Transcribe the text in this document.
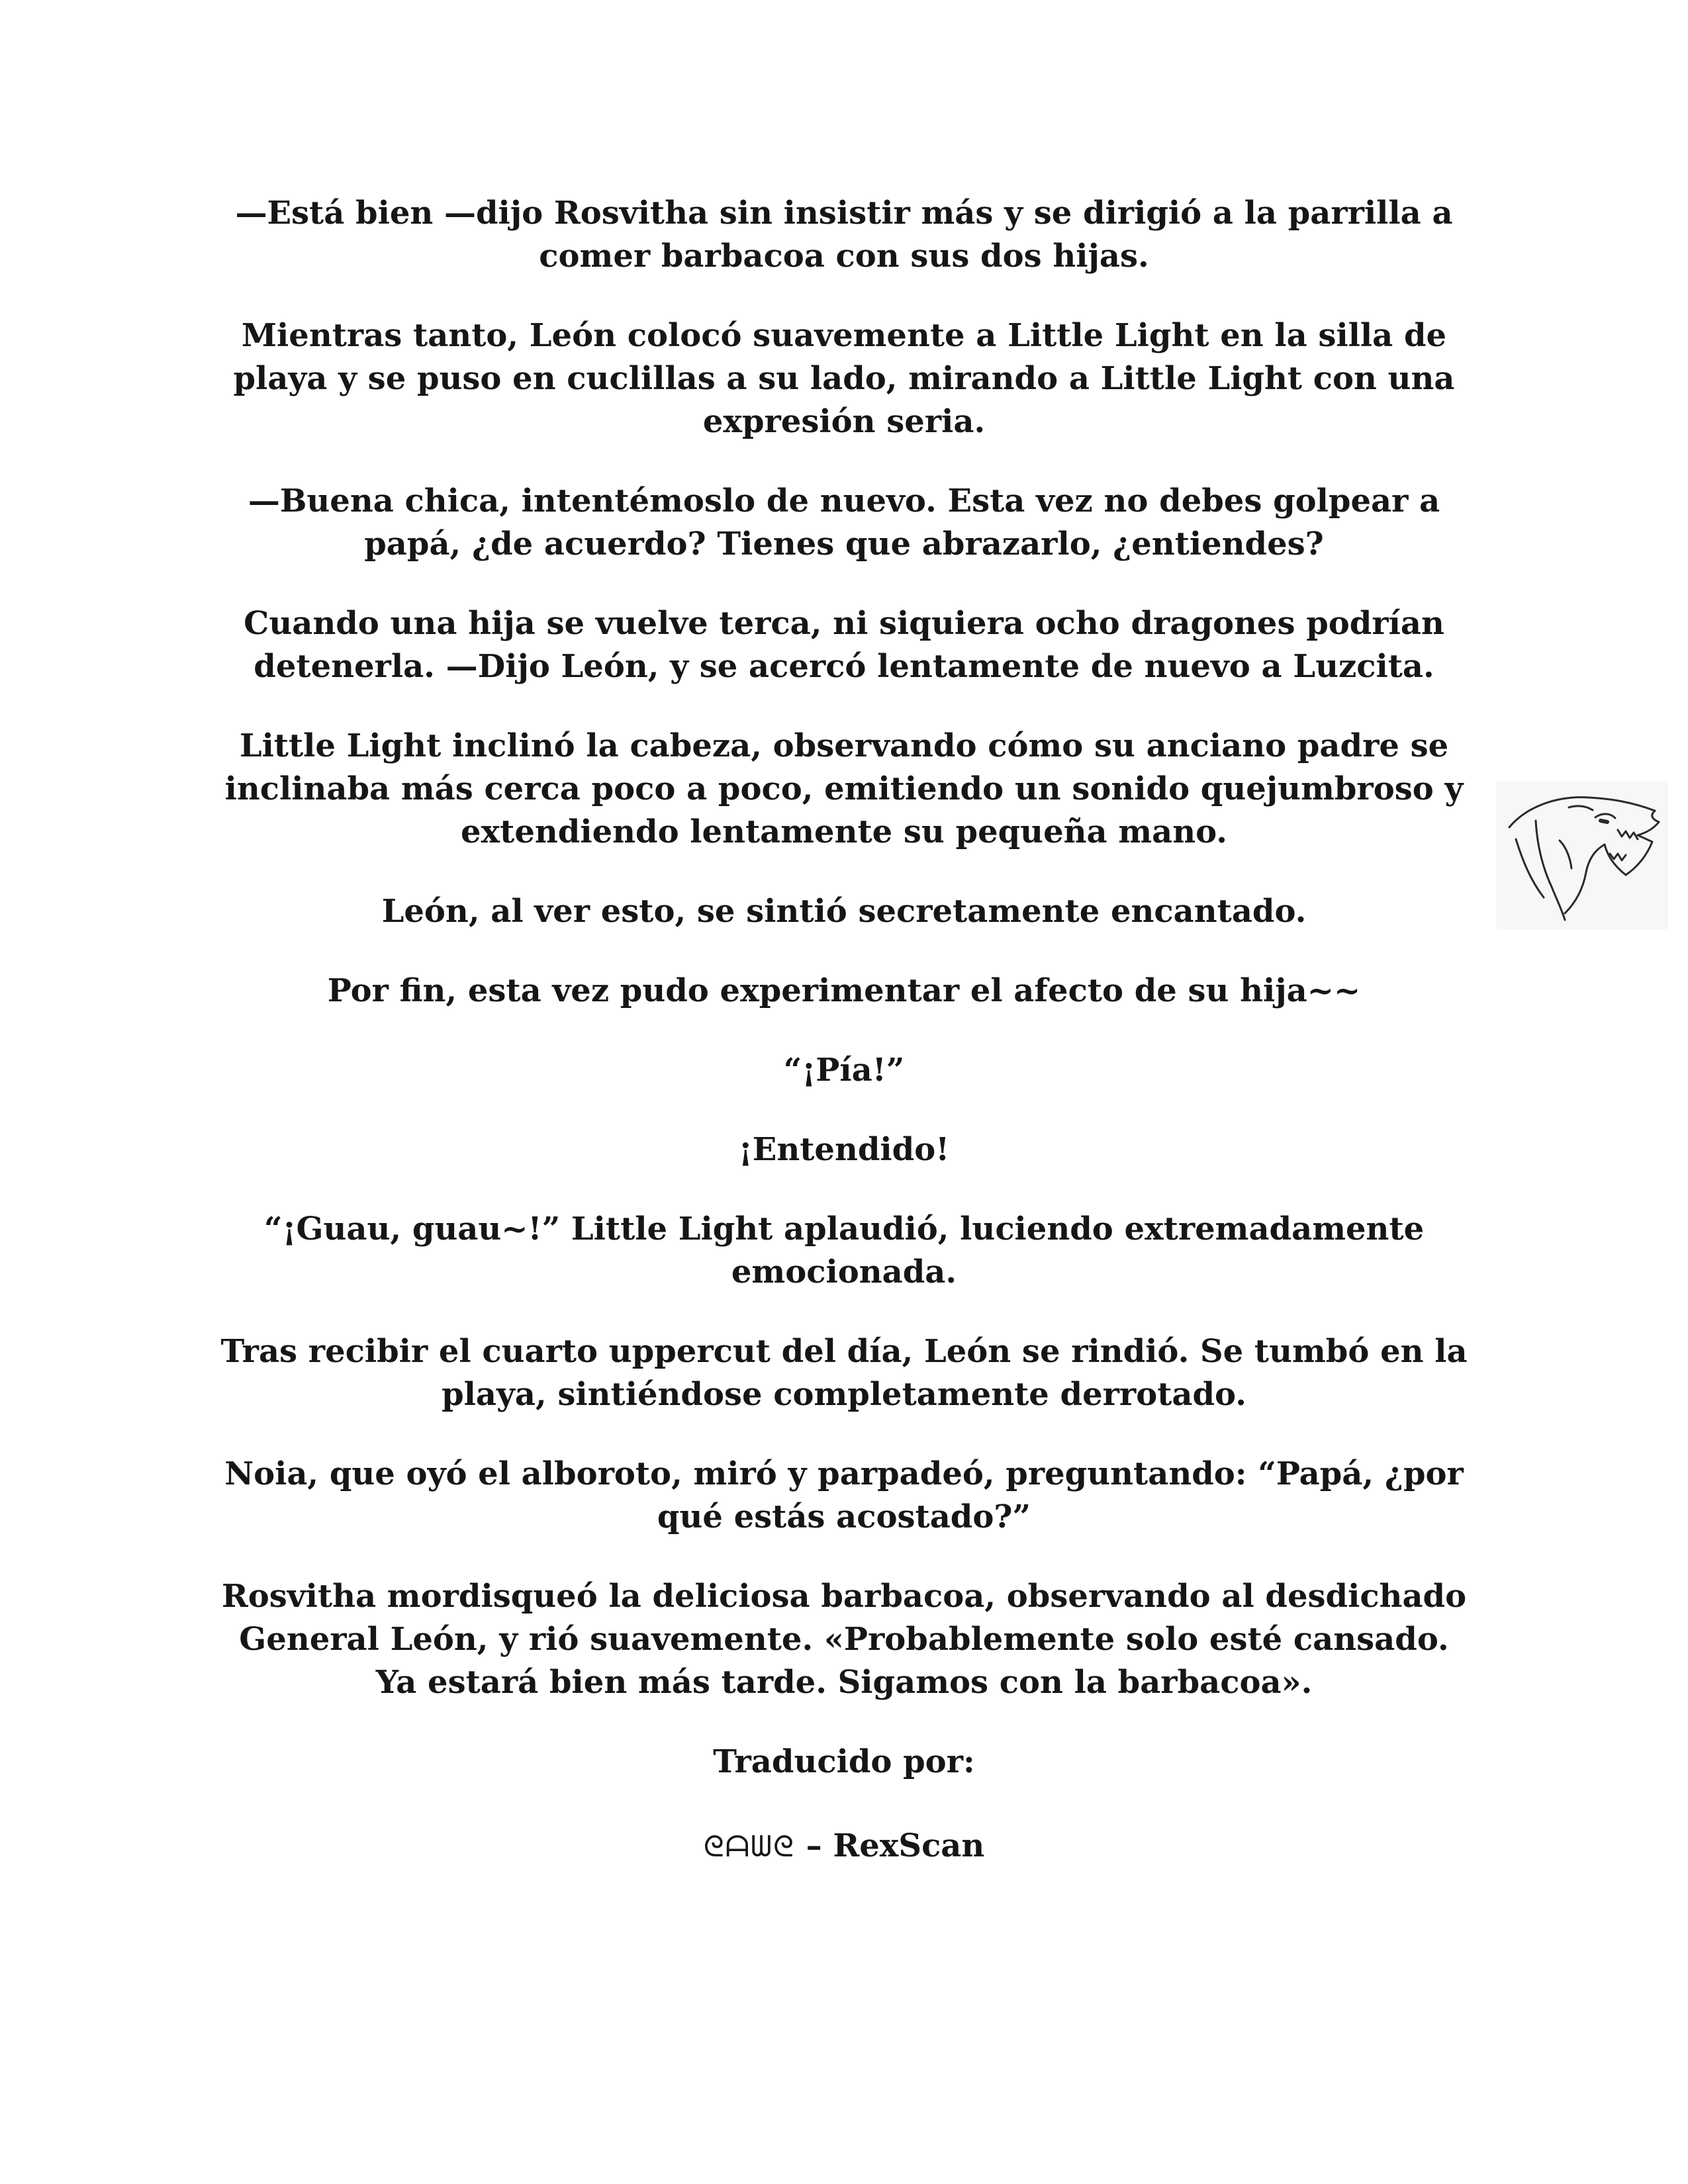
—Está bien —dijo Rosvitha sin insistir más y se dirigió a la parrilla a comer barbacoa con sus dos hijas.

Mientras tanto, León colocó suavemente a Little Light en la silla de playa y se puso en cuclillas a su lado, mirando a Little Light con una expresión seria.

—Buena chica, intentémoslo de nuevo. Esta vez no debes golpear a papá, ¿de acuerdo? Tienes que abrazarlo, ¿entiendes?

Cuando una hija se vuelve terca, ni siquiera ocho dragones podrían detenerla. —Dijo León, y se acercó lentamente de nuevo a Luzcita.

Little Light inclinó la cabeza, observando cómo su anciano padre se inclinaba más cerca poco a poco, emitiendo un sonido quejumbroso y extendiendo lentamente su pequeña mano.

León, al ver esto, se sintió secretamente encantado.

Por fin, esta vez pudo experimentar el afecto de su hija~~

“¡Pía!”

¡Entendido!

“¡Guau, guau~!” Little Light aplaudió, luciendo extremadamente emocionada.

Tras recibir el cuarto uppercut del día, León se rindió. Se tumbó en la playa, sintiéndose completamente derrotado.

Noia, que oyó el alboroto, miró y parpadeó, preguntando: “Papá, ¿por qué estás acostado?”

Rosvitha mordisqueó la deliciosa barbacoa, observando al desdichado General León, y rió suavemente. «Probablemente solo esté cansado. Ya estará bien más tarde. Sigamos con la barbacoa».

Traducido por:

ᘓᗩᗯᘓ – RexScan
